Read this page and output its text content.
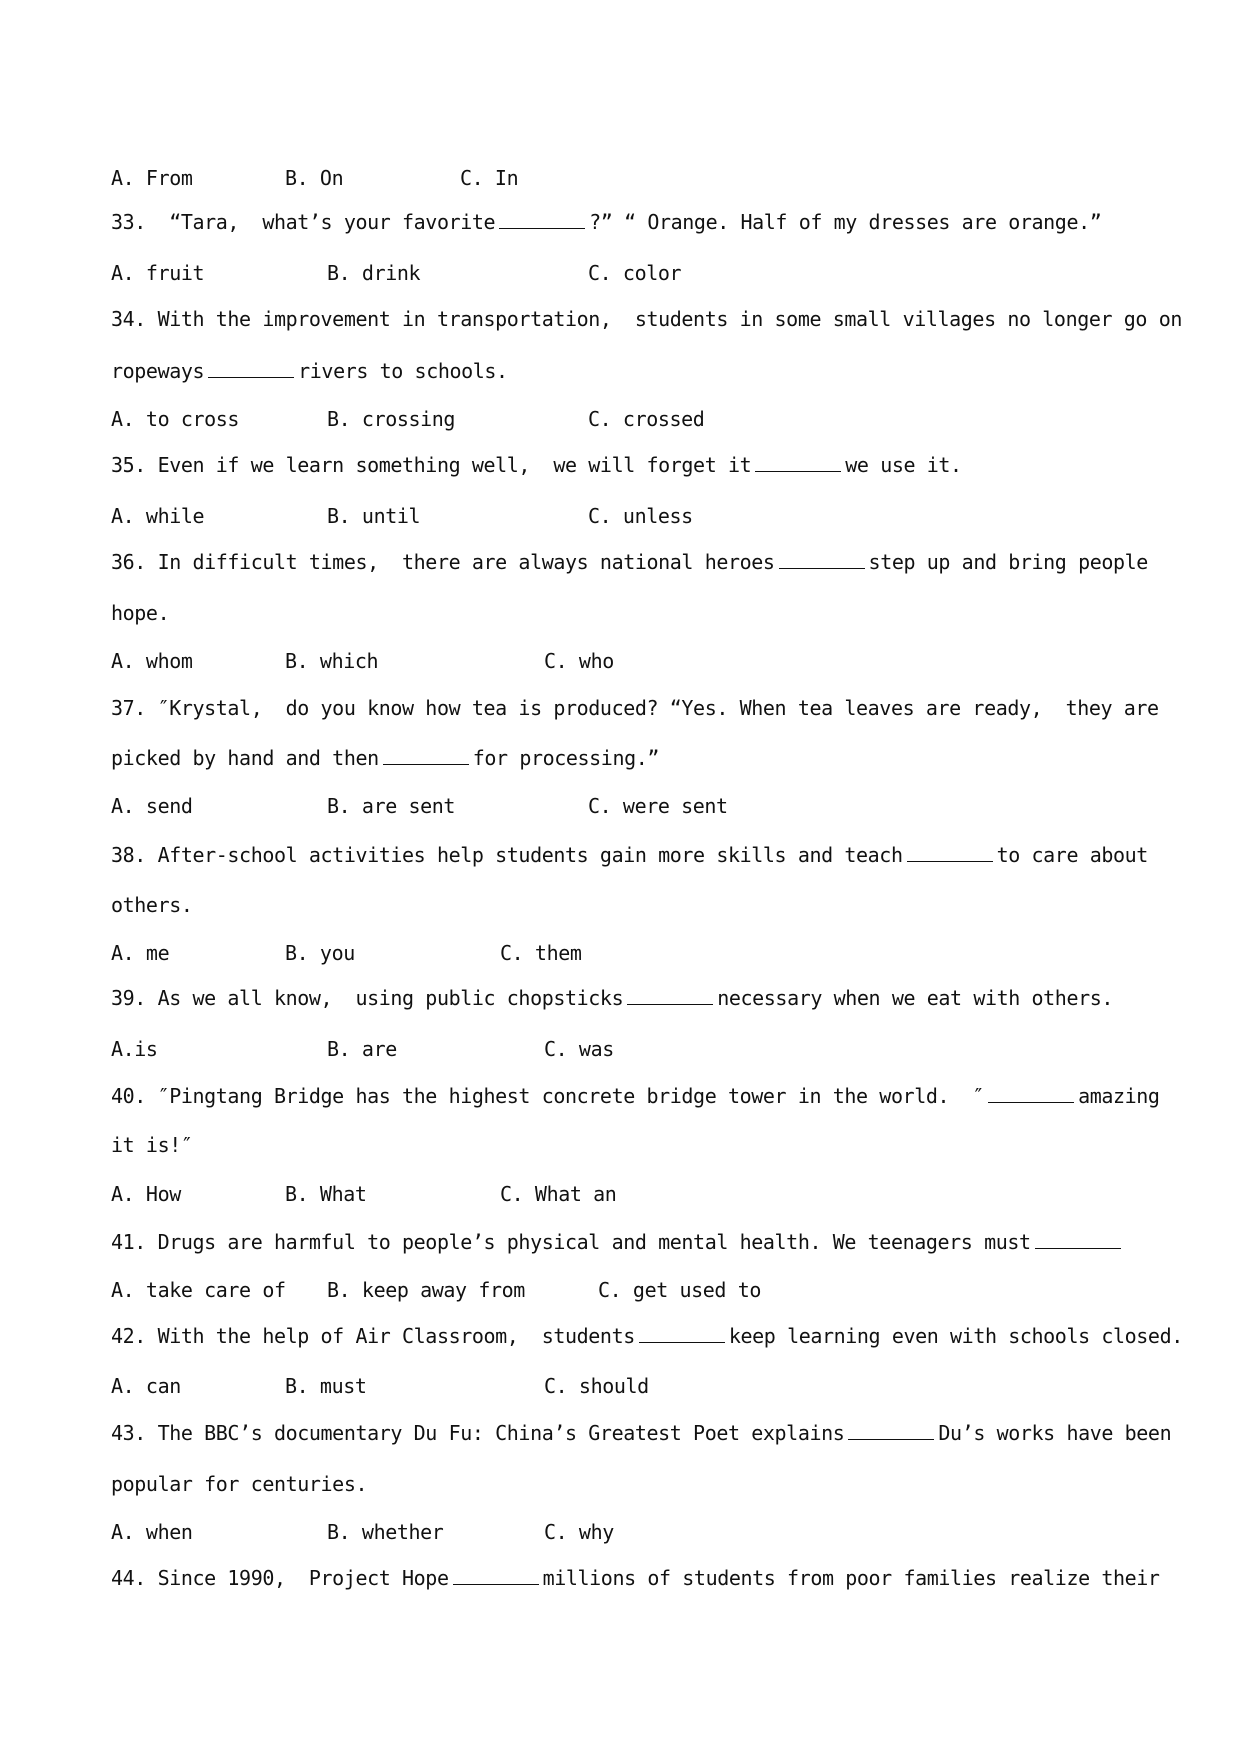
A. From	B. On	C. In
33.  “Tara,  what’s your favorite	?” “ Orange. Half of my dresses are orange.”
A. fruit	B. drink	C. color
34. With the improvement in transportation,  students in some small villages no longer go on
ropeways	rivers to schools.
A. to cross	B. crossing	C. crossed
35. Even if we learn something well,  we will forget it	we use it.
A. while	B. until	C. unless
36. In difficult times,  there are always national heroes	step up and bring people
hope.
A. whom	B. which	C. who
37. ″Krystal,  do you know how tea is produced? “Yes. When tea leaves are ready,  they are
picked by hand and then	for processing.”
A. send	B. are sent	C. were sent
38. After-school activities help students gain more skills and teach	to care about
others.
A. me	B. you	C. them
39. As we all know,  using public chopsticks	necessary when we eat with others.
A.is	B. are	C. was
40. ″Pingtang Bridge has the highest concrete bridge tower in the world.  ″	amazing
it is!″
A. How	B. What	C. What an
41. Drugs are harmful to people’s physical and mental health. We teenagers must
A. take care of B. keep away from	C. get used to
42. With the help of Air Classroom,  students	keep learning even with schools closed.
A. can	B. must	C. should
43. The BBC’s documentary Du Fu: China’s Greatest Poet explains	Du’s works have been
popular for centuries.
A. when	B. whether	C. why
44. Since 1990,  Project Hope	millions of students from poor families realize their
